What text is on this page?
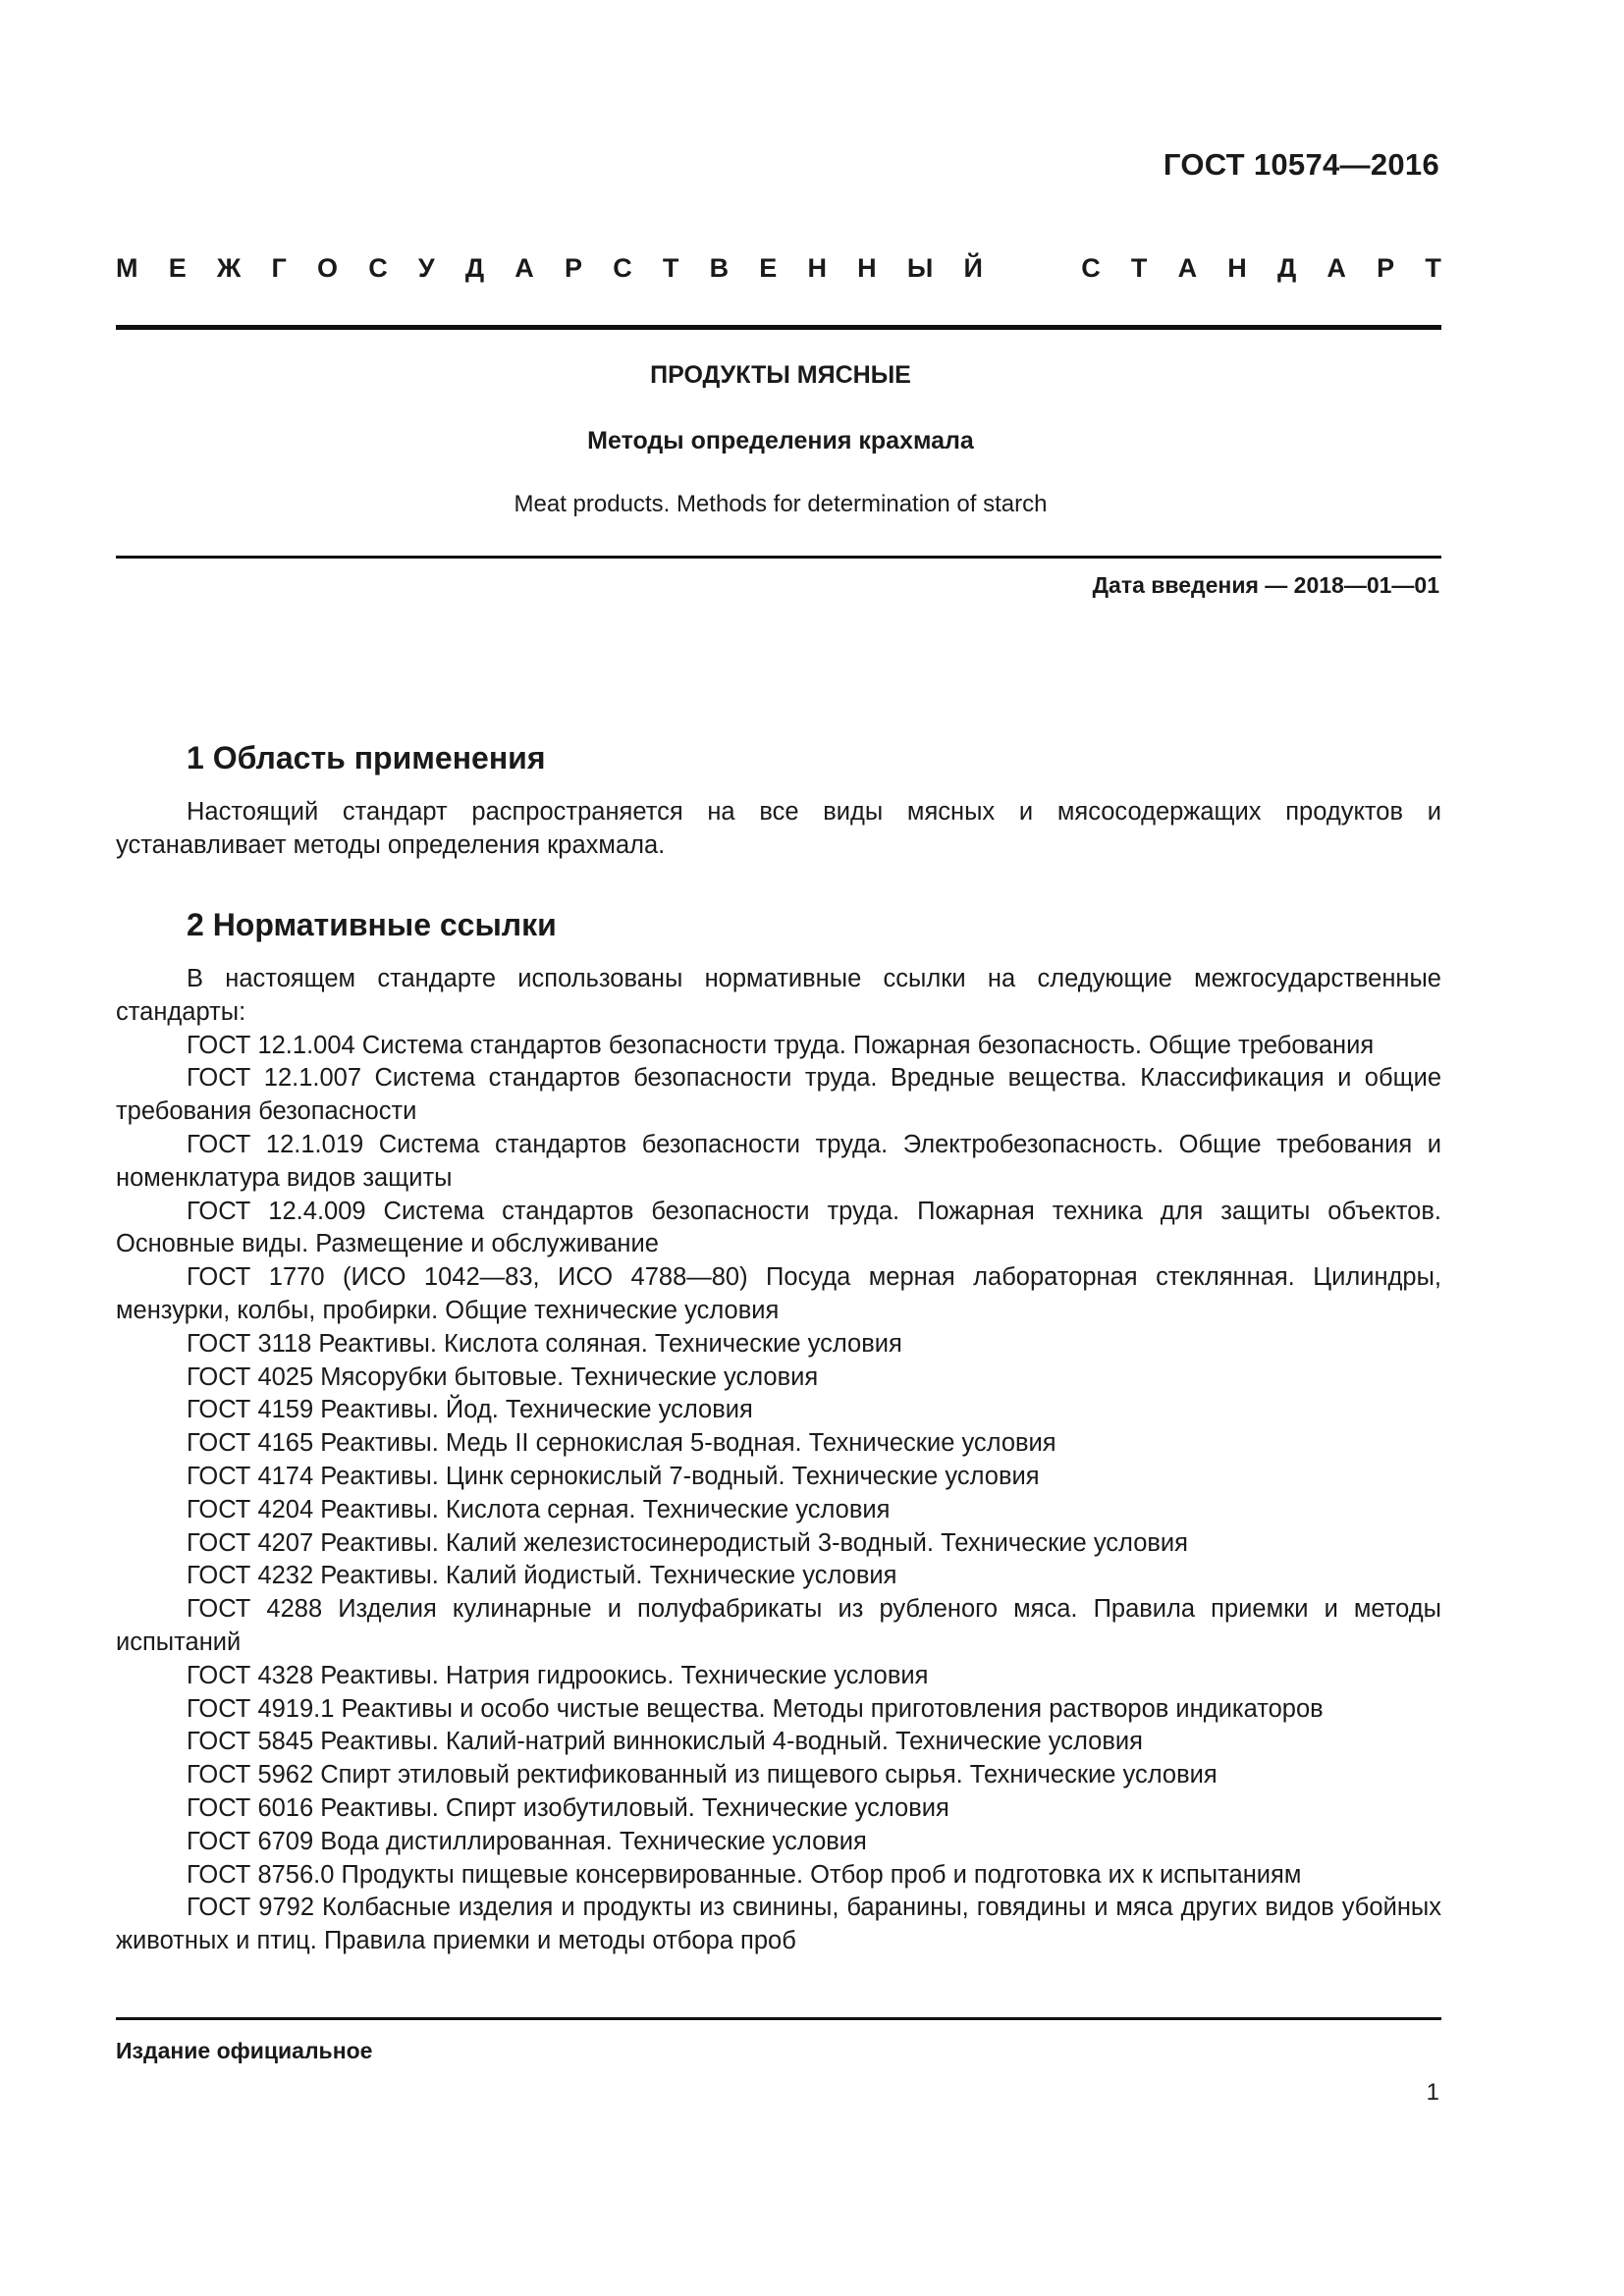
ГОСТ 10574—2016
М Е Ж Г О С У Д А Р С Т В Е Н Н Ы Й	С Т А Н Д А Р Т
ПРОДУКТЫ МЯСНЫЕ
Методы определения крахмала
Meat products. Methods for determination of starch
Дата введения — 2018—01—01
1 Область применения

Настоящий стандарт распространяется на все виды мясных и мясосодержащих продуктов и устанавливает методы определения крахмала.

2 Нормативные ссылки

В настоящем стандарте использованы нормативные ссылки на следующие межгосударственные стандарты:

ГОСТ 12.1.004 Система стандартов безопасности труда. Пожарная безопасность. Общие требования

ГОСТ 12.1.007 Система стандартов безопасности труда. Вредные вещества. Классификация и общие требования безопасности

ГОСТ 12.1.019 Система стандартов безопасности труда. Электробезопасность. Общие требования и номенклатура видов защиты

ГОСТ 12.4.009 Система стандартов безопасности труда. Пожарная техника для защиты объектов. Основные виды. Размещение и обслуживание

ГОСТ 1770 (ИСО 1042—83, ИСО 4788—80) Посуда мерная лабораторная стеклянная. Цилиндры, мензурки, колбы, пробирки. Общие технические условия

ГОСТ 3118 Реактивы. Кислота соляная. Технические условия

ГОСТ 4025 Мясорубки бытовые. Технические условия

ГОСТ 4159 Реактивы. Йод. Технические условия

ГОСТ 4165 Реактивы. Медь II сернокислая 5-водная. Технические условия

ГОСТ 4174 Реактивы. Цинк сернокислый 7-водный. Технические условия

ГОСТ 4204 Реактивы. Кислота серная. Технические условия

ГОСТ 4207 Реактивы. Калий железистосинеродистый 3-водный. Технические условия

ГОСТ 4232 Реактивы. Калий йодистый. Технические условия

ГОСТ 4288 Изделия кулинарные и полуфабрикаты из рубленого мяса. Правила приемки и методы испытаний

ГОСТ 4328 Реактивы. Натрия гидроокись. Технические условия

ГОСТ 4919.1 Реактивы и особо чистые вещества. Методы приготовления растворов индикаторов

ГОСТ 5845 Реактивы. Калий-натрий виннокислый 4-водный. Технические условия

ГОСТ 5962 Спирт этиловый ректификованный из пищевого сырья. Технические условия

ГОСТ 6016 Реактивы. Спирт изобутиловый. Технические условия

ГОСТ 6709 Вода дистиллированная. Технические условия

ГОСТ 8756.0 Продукты пищевые консервированные. Отбор проб и подготовка их к испытаниям

ГОСТ 9792 Колбасные изделия и продукты из свинины, баранины, говядины и мяса других видов убойных животных и птиц. Правила приемки и методы отбора проб

Издание официальное
1
